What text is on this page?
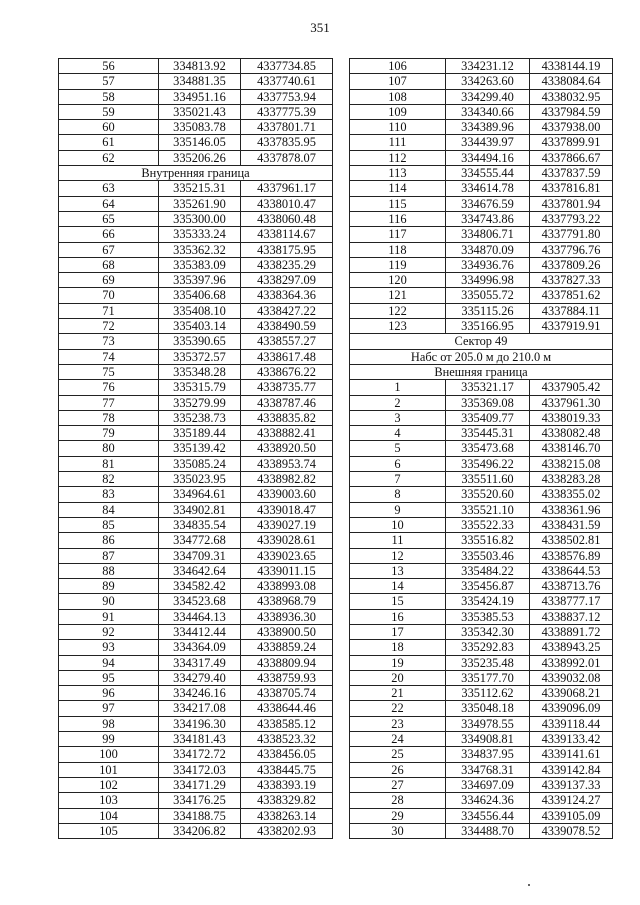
351
56	334813.92	4337734.85
57	334881.35	4337740.61
58	334951.16	4337753.94
59	335021.43	4337775.39
60	335083.78	4337801.71
61	335146.05	4337835.95
62	335206.26	4337878.07
Внутренняя граница		
63	335215.31	4337961.17
64	335261.90	4338010.47
65	335300.00	4338060.48
66	335333.24	4338114.67
67	335362.32	4338175.95
68	335383.09	4338235.29
69	335397.96	4338297.09
70	335406.68	4338364.36
71	335408.10	4338427.22
72	335403.14	4338490.59
73	335390.65	4338557.27
74	335372.57	4338617.48
75	335348.28	4338676.22
76	335315.79	4338735.77
77	335279.99	4338787.46
78	335238.73	4338835.82
79	335189.44	4338882.41
80	335139.42	4338920.50
81	335085.24	4338953.74
82	335023.95	4338982.82
83	334964.61	4339003.60
84	334902.81	4339018.47
85	334835.54	4339027.19
86	334772.68	4339028.61
87	334709.31	4339023.65
88	334642.64	4339011.15
89	334582.42	4338993.08
90	334523.68	4338968.79
91	334464.13	4338936.30
92	334412.44	4338900.50
93	334364.09	4338859.24
94	334317.49	4338809.94
95	334279.40	4338759.93
96	334246.16	4338705.74
97	334217.08	4338644.46
98	334196.30	4338585.12
99	334181.43	4338523.32
100	334172.72	4338456.05
101	334172.03	4338445.75
102	334171.29	4338393.19
103	334176.25	4338329.82
104	334188.75	4338263.14
105	334206.82	4338202.93
106	334231.12	4338144.19
107	334263.60	4338084.64
108	334299.40	4338032.95
109	334340.66	4337984.59
110	334389.96	4337938.00
111	334439.97	4337899.91
112	334494.16	4337866.67
113	334555.44	4337837.59
114	334614.78	4337816.81
115	334676.59	4337801.94
116	334743.86	4337793.22
117	334806.71	4337791.80
118	334870.09	4337796.76
119	334936.76	4337809.26
120	334996.98	4337827.33
121	335055.72	4337851.62
122	335115.26	4337884.11
123	335166.95	4337919.91
Сектор 49		
Набс от 205.0 м до 210.0 м		
Внешняя граница		
1	335321.17	4337905.42
2	335369.08	4337961.30
3	335409.77	4338019.33
4	335445.31	4338082.48
5	335473.68	4338146.70
6	335496.22	4338215.08
7	335511.60	4338283.28
8	335520.60	4338355.02
9	335521.10	4338361.96
10	335522.33	4338431.59
11	335516.82	4338502.81
12	335503.46	4338576.89
13	335484.22	4338644.53
14	335456.87	4338713.76
15	335424.19	4338777.17
16	335385.53	4338837.12
17	335342.30	4338891.72
18	335292.83	4338943.25
19	335235.48	4338992.01
20	335177.70	4339032.08
21	335112.62	4339068.21
22	335048.18	4339096.09
23	334978.55	4339118.44
24	334908.81	4339133.42
25	334837.95	4339141.61
26	334768.31	4339142.84
27	334697.09	4339137.33
28	334624.36	4339124.27
29	334556.44	4339105.09
30	334488.70	4339078.52
